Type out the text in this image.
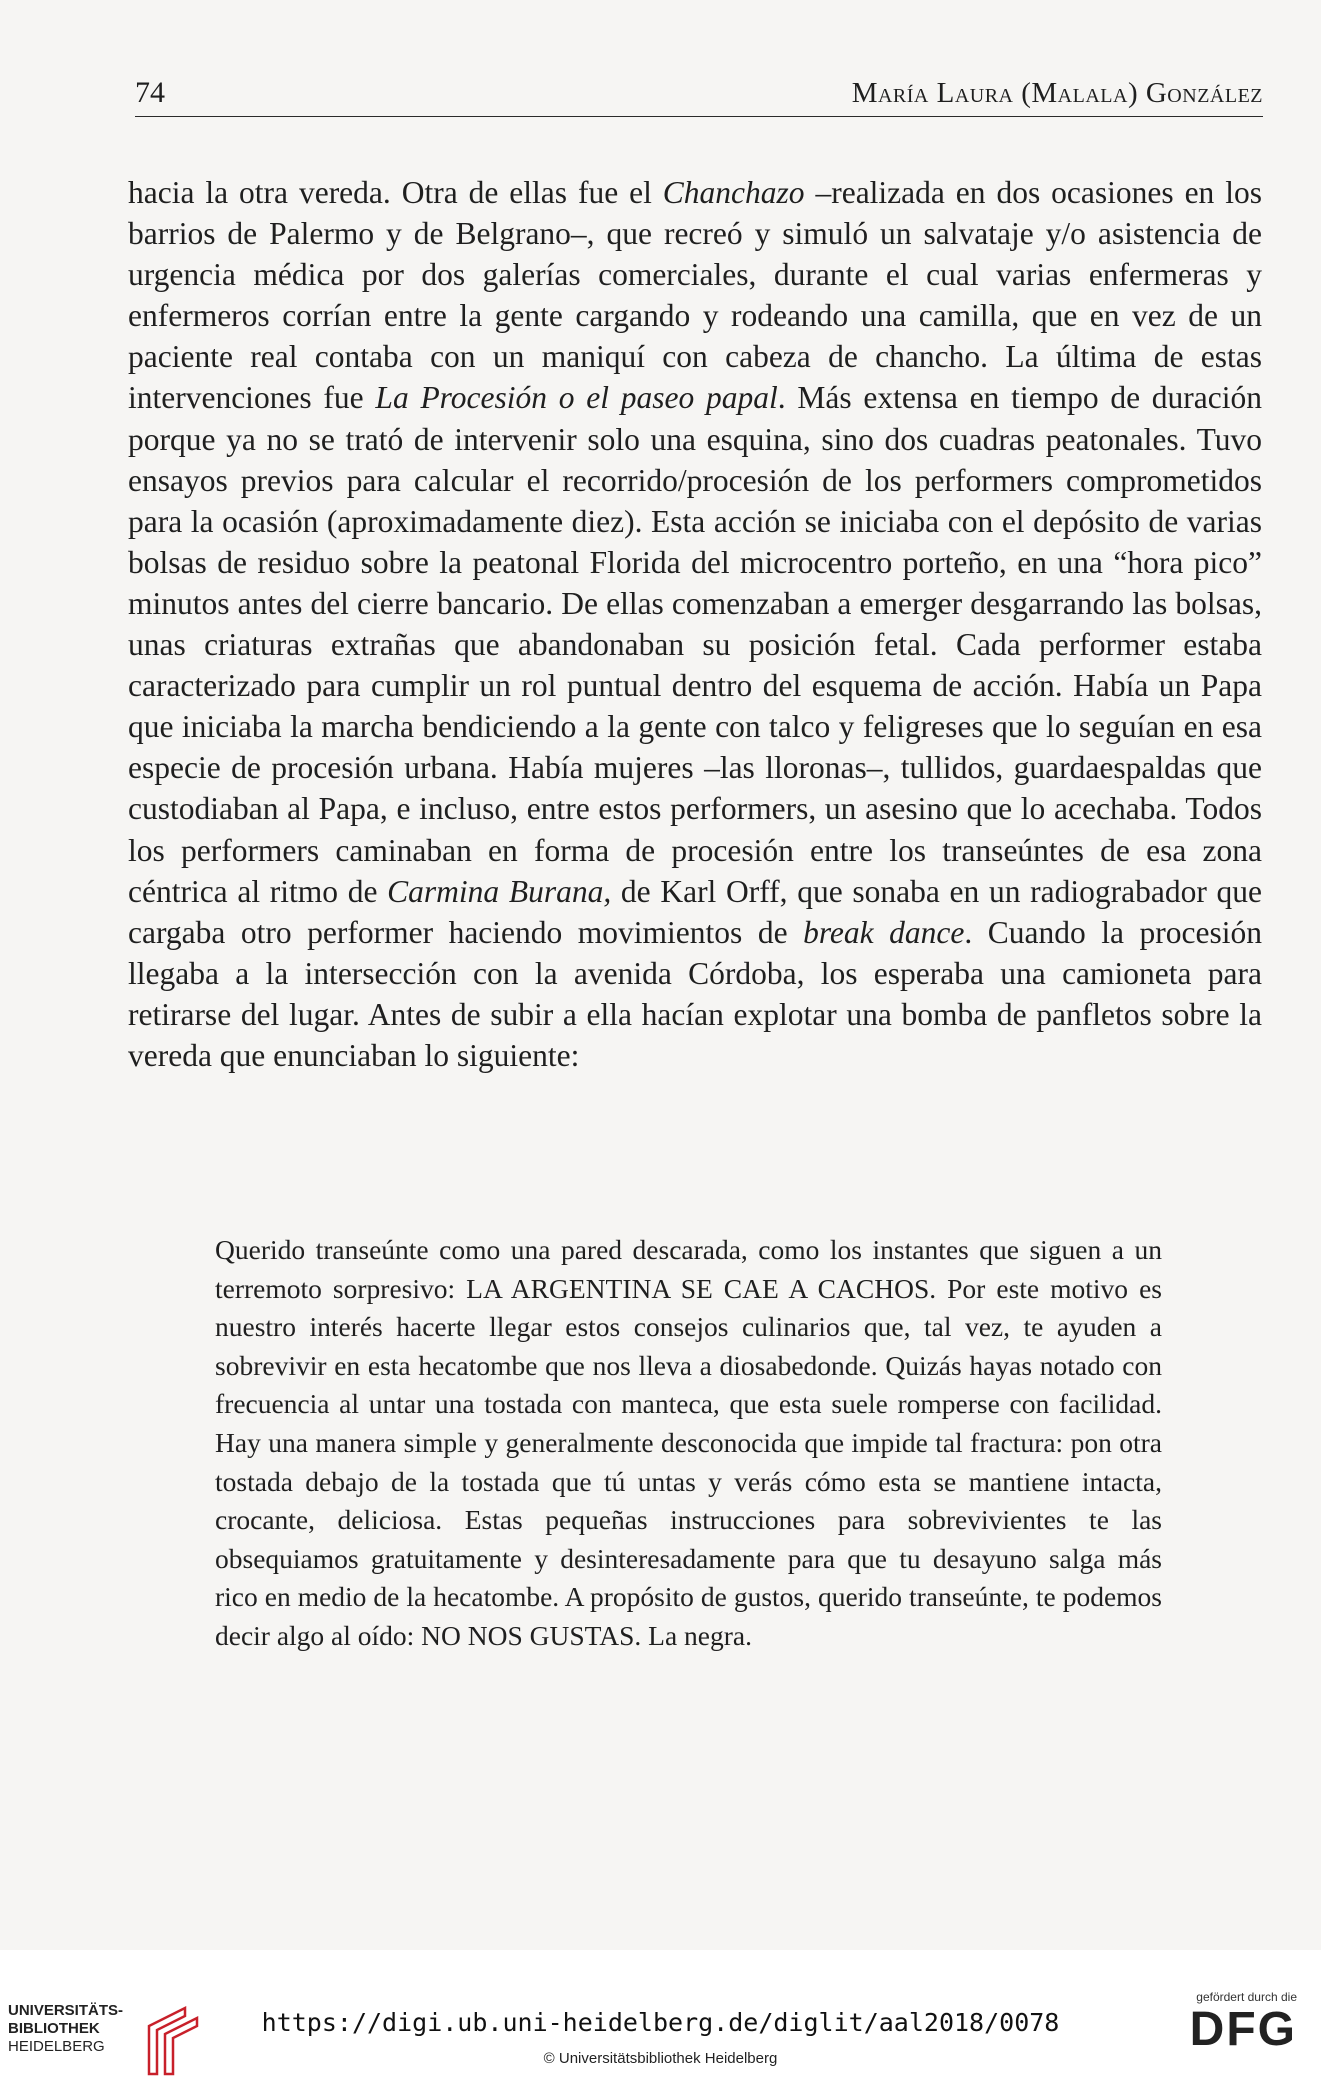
74	María Laura (Malala) González

hacia la otra vereda. Otra de ellas fue el Chanchazo –realizada en dos ocasiones en los barrios de Palermo y de Belgrano–, que recreó y simuló un salvataje y/o asistencia de urgencia médica por dos galerías comerciales, durante el cual varias enfermeras y enfermeros corrían entre la gente cargando y rodeando una camilla, que en vez de un paciente real contaba con un maniquí con cabeza de chancho. La última de estas intervenciones fue La Procesión o el paseo papal. Más extensa en tiempo de duración porque ya no se trató de intervenir solo una esquina, sino dos cuadras peatonales. Tuvo ensayos previos para calcular el recorrido/procesión de los performers comprometidos para la ocasión (aproximadamente diez). Esta acción se iniciaba con el depósito de varias bolsas de residuo sobre la peatonal Florida del microcentro porteño, en una “hora pico” minutos antes del cierre bancario. De ellas comenzaban a emerger desgarrando las bolsas, unas criaturas extrañas que abandonaban su posición fetal. Cada performer estaba caracterizado para cumplir un rol puntual dentro del esquema de acción. Había un Papa que iniciaba la marcha bendiciendo a la gente con talco y feligreses que lo seguían en esa especie de procesión urbana. Había mujeres –las lloronas–, tullidos, guardaespaldas que custodiaban al Papa, e incluso, entre estos performers, un asesino que lo acechaba. Todos los performers caminaban en forma de procesión entre los transeúntes de esa zona céntrica al ritmo de Carmina Burana, de Karl Orff, que sonaba en un radiograbador que cargaba otro performer haciendo movimientos de break dance. Cuando la procesión llegaba a la intersección con la avenida Córdoba, los esperaba una camioneta para retirarse del lugar. Antes de subir a ella hacían explotar una bomba de panfletos sobre la vereda que enunciaban lo siguiente:

Querido transeúnte como una pared descarada, como los instantes que siguen a un terremoto sorpresivo: LA ARGENTINA SE CAE A CACHOS. Por este motivo es nuestro interés hacerte llegar estos consejos culinarios que, tal vez, te ayuden a sobrevivir en esta hecatombe que nos lleva a diosabedonde. Quizás hayas notado con frecuencia al untar una tostada con manteca, que esta suele romperse con facilidad. Hay una manera simple y generalmente desconocida que impide tal fractura: pon otra tostada debajo de la tostada que tú untas y verás cómo esta se mantiene intacta, crocante, deliciosa. Estas pequeñas instrucciones para sobrevivientes te las obsequiamos gratuitamente y desinteresadamente para que tu desayuno salga más rico en medio de la hecatombe. A propósito de gustos, querido transeúnte, te podemos decir algo al oído: NO NOS GUSTAS. La negra.

UNIVERSITÄTS-
BIBLIOTHEK
HEIDELBERG
https://digi.ub.uni-heidelberg.de/diglit/aal2018/0078
© Universitätsbibliothek Heidelberg
gefördert durch die
DFG
